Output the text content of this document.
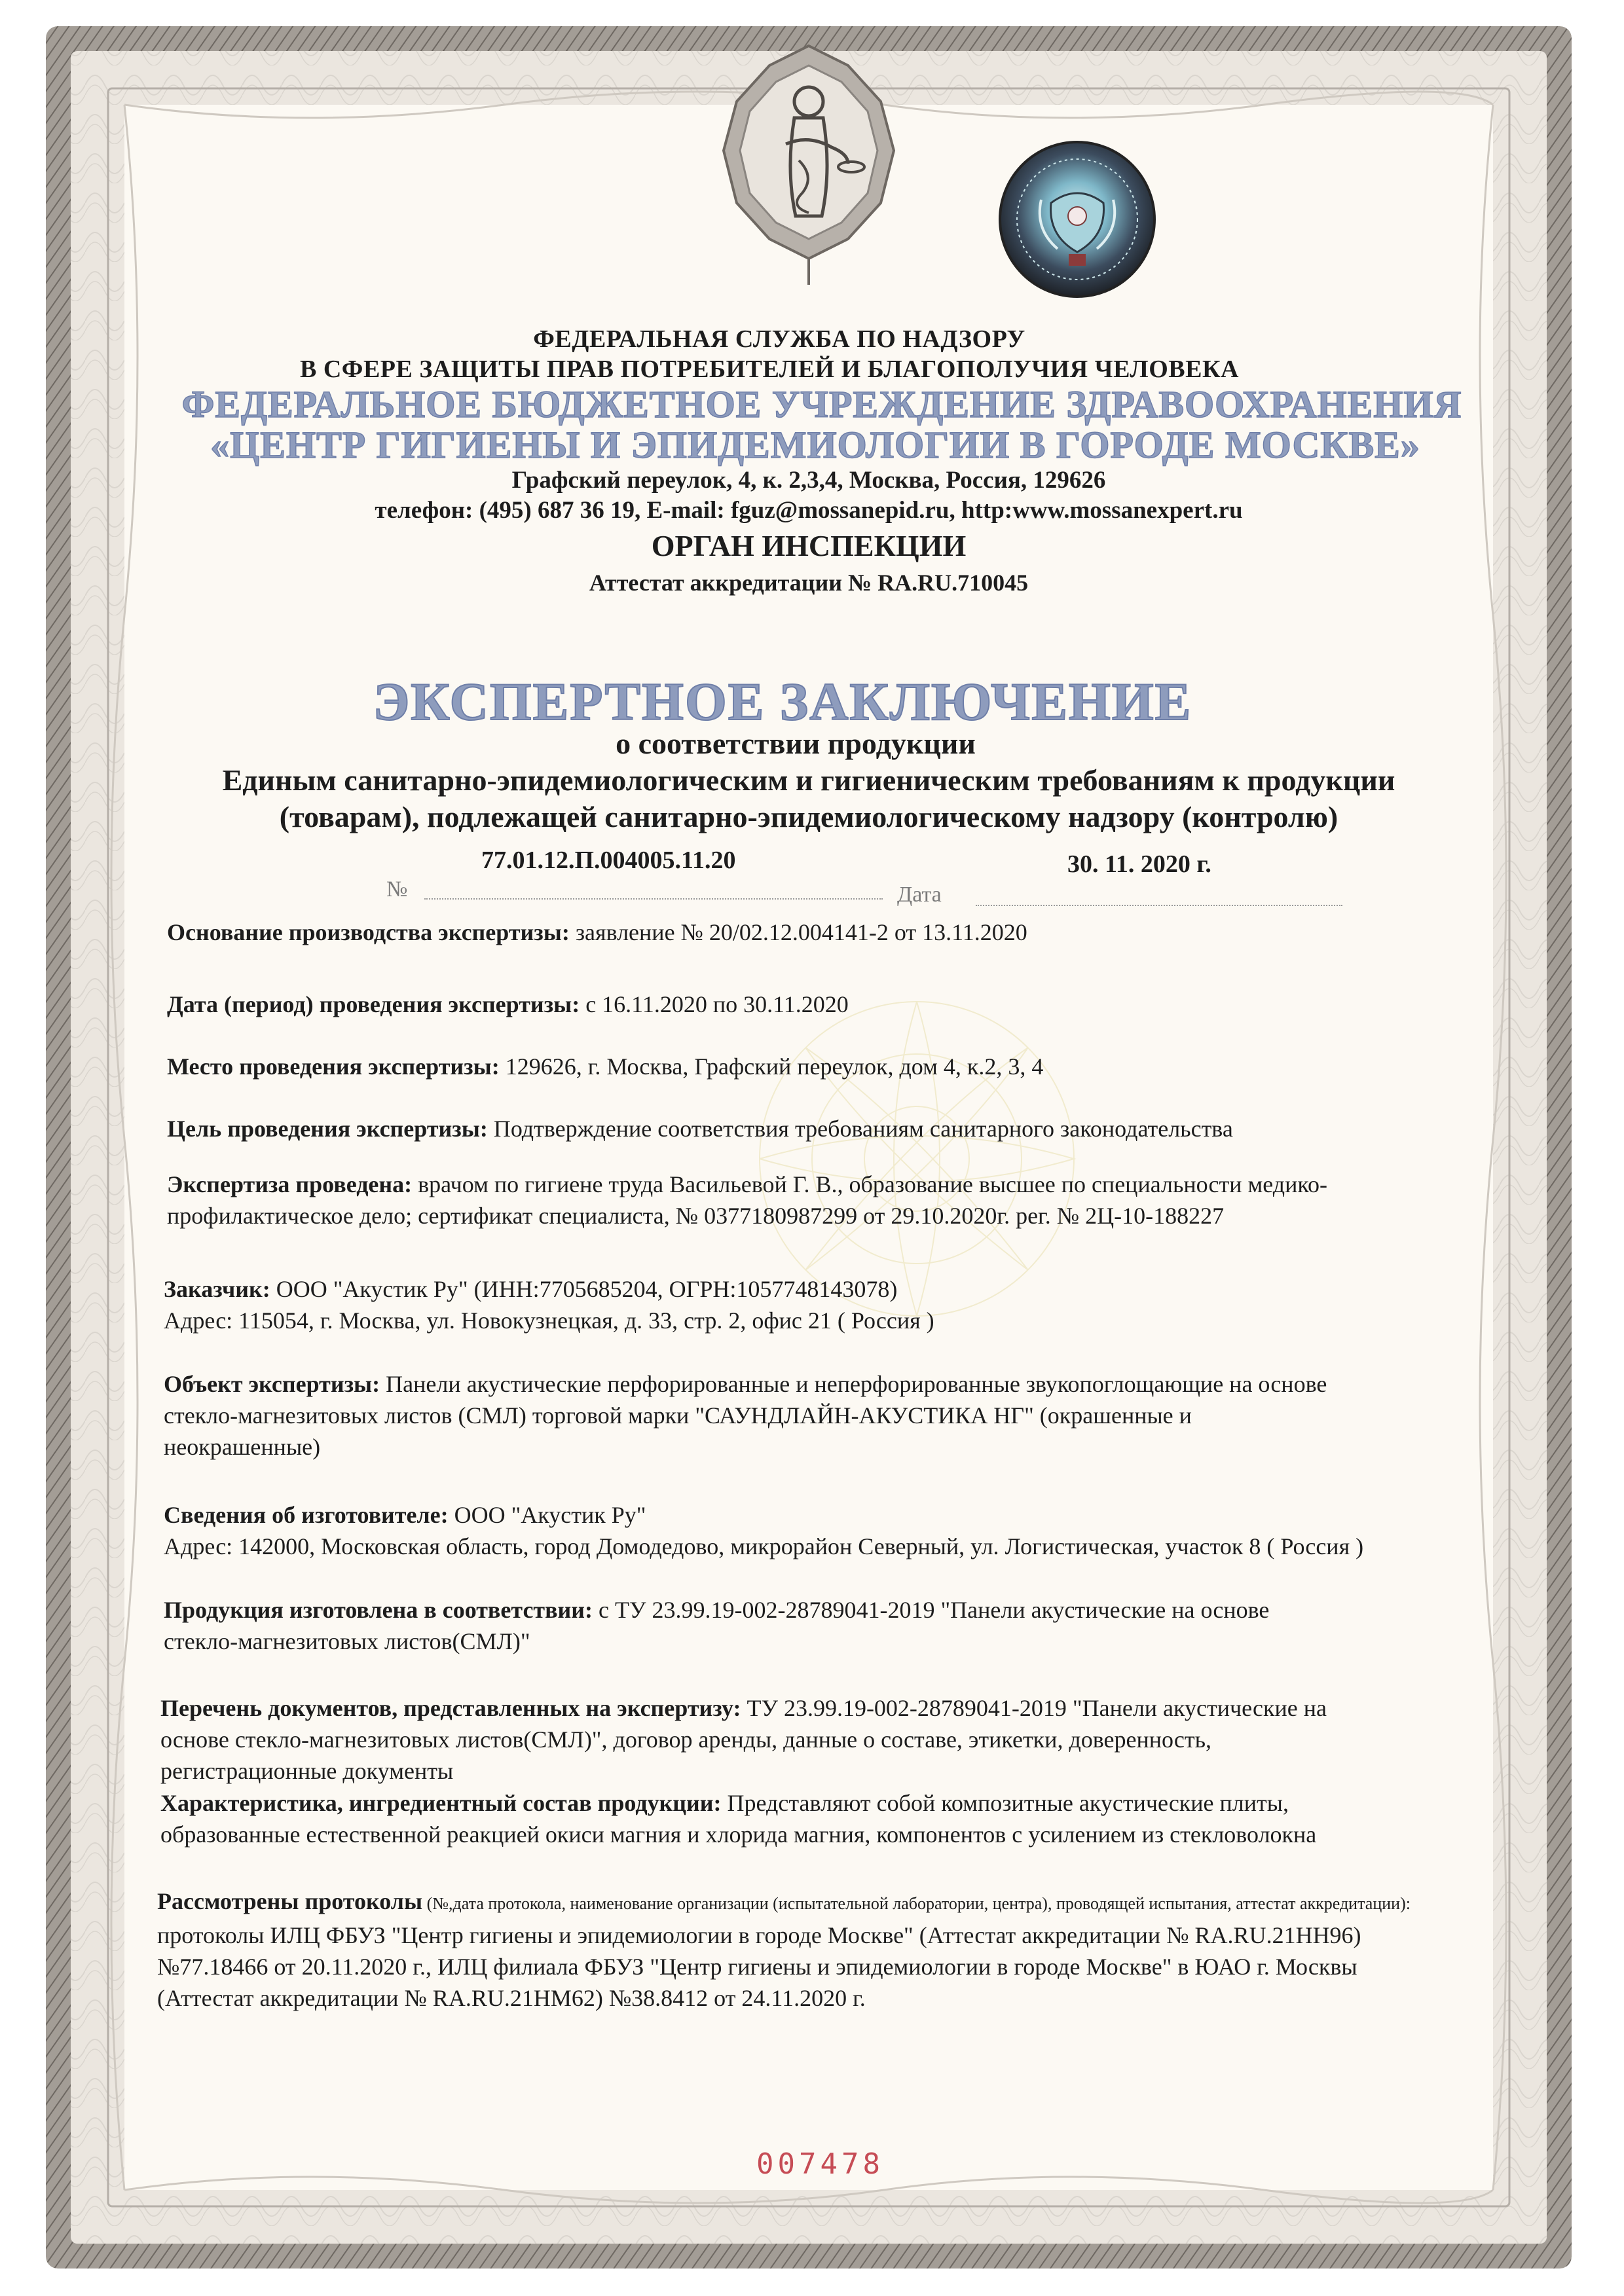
ФЕДЕРАЛЬНАЯ СЛУЖБА ПО НАДЗОРУ
В СФЕРЕ ЗАЩИТЫ ПРАВ ПОТРЕБИТЕЛЕЙ И БЛАГОПОЛУЧИЯ ЧЕЛОВЕКА
ФЕДЕРАЛЬНОЕ БЮДЖЕТНОЕ УЧРЕЖДЕНИЕ ЗДРАВООХРАНЕНИЯ
«ЦЕНТР ГИГИЕНЫ И ЭПИДЕМИОЛОГИИ В ГОРОДЕ МОСКВЕ»
Графский переулок, 4, к. 2,3,4, Москва, Россия, 129626
телефон: (495) 687 36 19, E-mail: fguz@mossanepid.ru, http:www.mossanexpert.ru
ОРГАН ИНСПЕКЦИИ
Аттестат аккредитации № RA.RU.710045
ЭКСПЕРТНОЕ ЗАКЛЮЧЕНИЕ
о соответствии продукции
Единым санитарно-эпидемиологическим и гигиеническим требованиям к продукции
(товарам), подлежащей санитарно-эпидемиологическому надзору (контролю)
77.01.12.П.004005.11.20	30. 11. 2020 г.
№	Дата
Основание производства экспертизы: заявление № 20/02.12.004141-2 от 13.11.2020
Дата (период) проведения экспертизы: с 16.11.2020 по 30.11.2020
Место проведения экспертизы: 129626, г. Москва, Графский переулок, дом 4, к.2, 3, 4
Цель проведения экспертизы: Подтверждение соответствия требованиям санитарного законодательства
Экспертиза проведена: врачом по гигиене труда Васильевой Г. В., образование высшее по специальности медико-
профилактическое дело; сертификат специалиста, № 0377180987299 от 29.10.2020г. рег. № 2Ц-10-188227
Заказчик: ООО "Акустик Ру" (ИНН:7705685204, ОГРН:1057748143078)
Адрес: 115054, г. Москва, ул. Новокузнецкая, д. 33, стр. 2, офис 21 ( Россия )
Объект экспертизы: Панели акустические перфорированные и неперфорированные звукопоглощающие на основе
стекло-магнезитовых листов (СМЛ) торговой марки "САУНДЛАЙН-АКУСТИКА НГ" (окрашенные и
неокрашенные)
Сведения об изготовителе: ООО "Акустик Ру"
Адрес: 142000, Московская область, город Домодедово, микрорайон Северный, ул. Логистическая, участок 8 ( Россия )
Продукция изготовлена в соответствии: с ТУ 23.99.19-002-28789041-2019 "Панели акустические на основе
стекло-магнезитовых листов(СМЛ)"
Перечень документов, представленных на экспертизу: ТУ 23.99.19-002-28789041-2019 "Панели акустические на
основе стекло-магнезитовых листов(СМЛ)", договор аренды, данные о составе, этикетки, доверенность,
регистрационные документы
Характеристика, ингредиентный состав продукции: Представляют собой композитные акустические плиты,
образованные естественной реакцией окиси магния и хлорида магния, компонентов с усилением из стекловолокна
Рассмотрены протоколы (№,дата протокола, наименование организации (испытательной лаборатории, центра), проводящей испытания, аттестат аккредитации):
протоколы ИЛЦ ФБУЗ "Центр гигиены и эпидемиологии в городе Москве" (Аттестат аккредитации № RA.RU.21НН96)
№77.18466 от 20.11.2020 г., ИЛЦ филиала ФБУЗ "Центр гигиены и эпидемиологии в городе Москве" в ЮАО г. Москвы
(Аттестат аккредитации № RA.RU.21НМ62) №38.8412 от 24.11.2020 г.
007478
